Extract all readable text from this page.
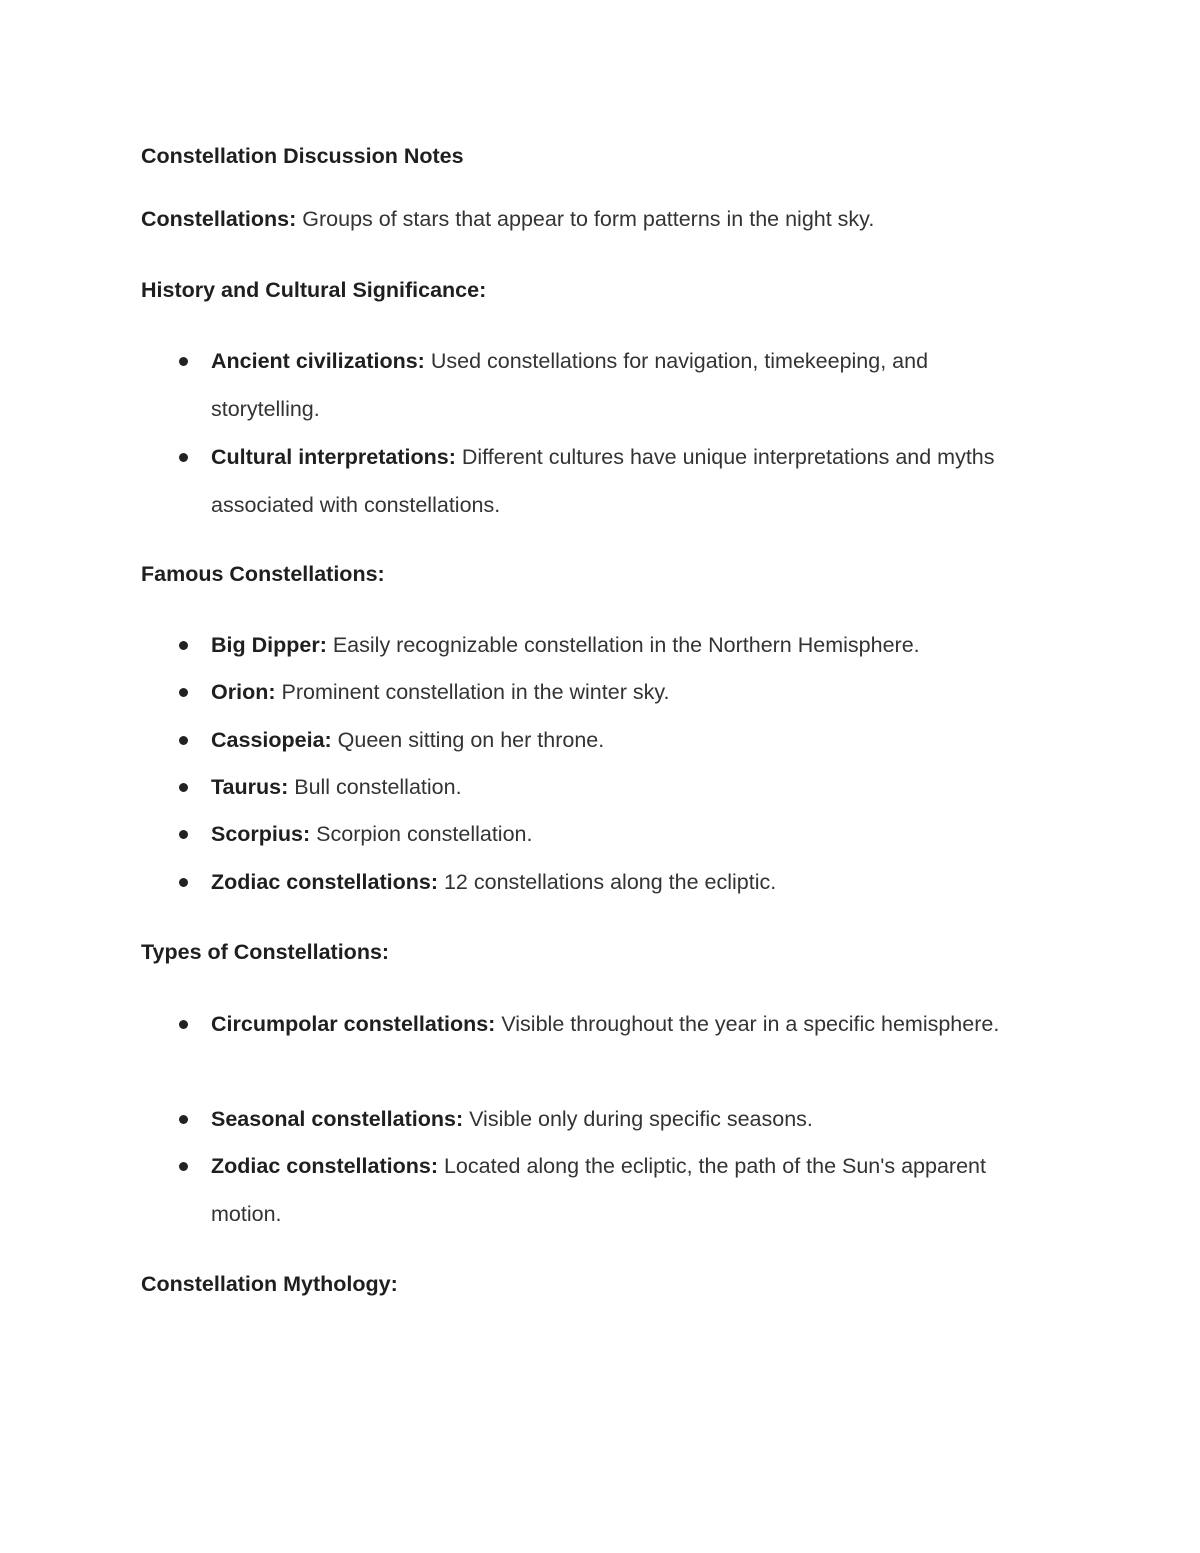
Constellation Discussion Notes

Constellations: Groups of stars that appear to form patterns in the night sky.

History and Cultural Significance:

Ancient civilizations: Used constellations for navigation, timekeeping, and storytelling.

Cultural interpretations: Different cultures have unique interpretations and myths associated with constellations.

Famous Constellations:

Big Dipper: Easily recognizable constellation in the Northern Hemisphere.

Orion: Prominent constellation in the winter sky.

Cassiopeia: Queen sitting on her throne.

Taurus: Bull constellation.

Scorpius: Scorpion constellation.

Zodiac constellations: 12 constellations along the ecliptic.

Types of Constellations:

Circumpolar constellations: Visible throughout the year in a specific hemisphere.

Seasonal constellations: Visible only during specific seasons.

Zodiac constellations: Located along the ecliptic, the path of the Sun's apparent motion.

Constellation Mythology:
